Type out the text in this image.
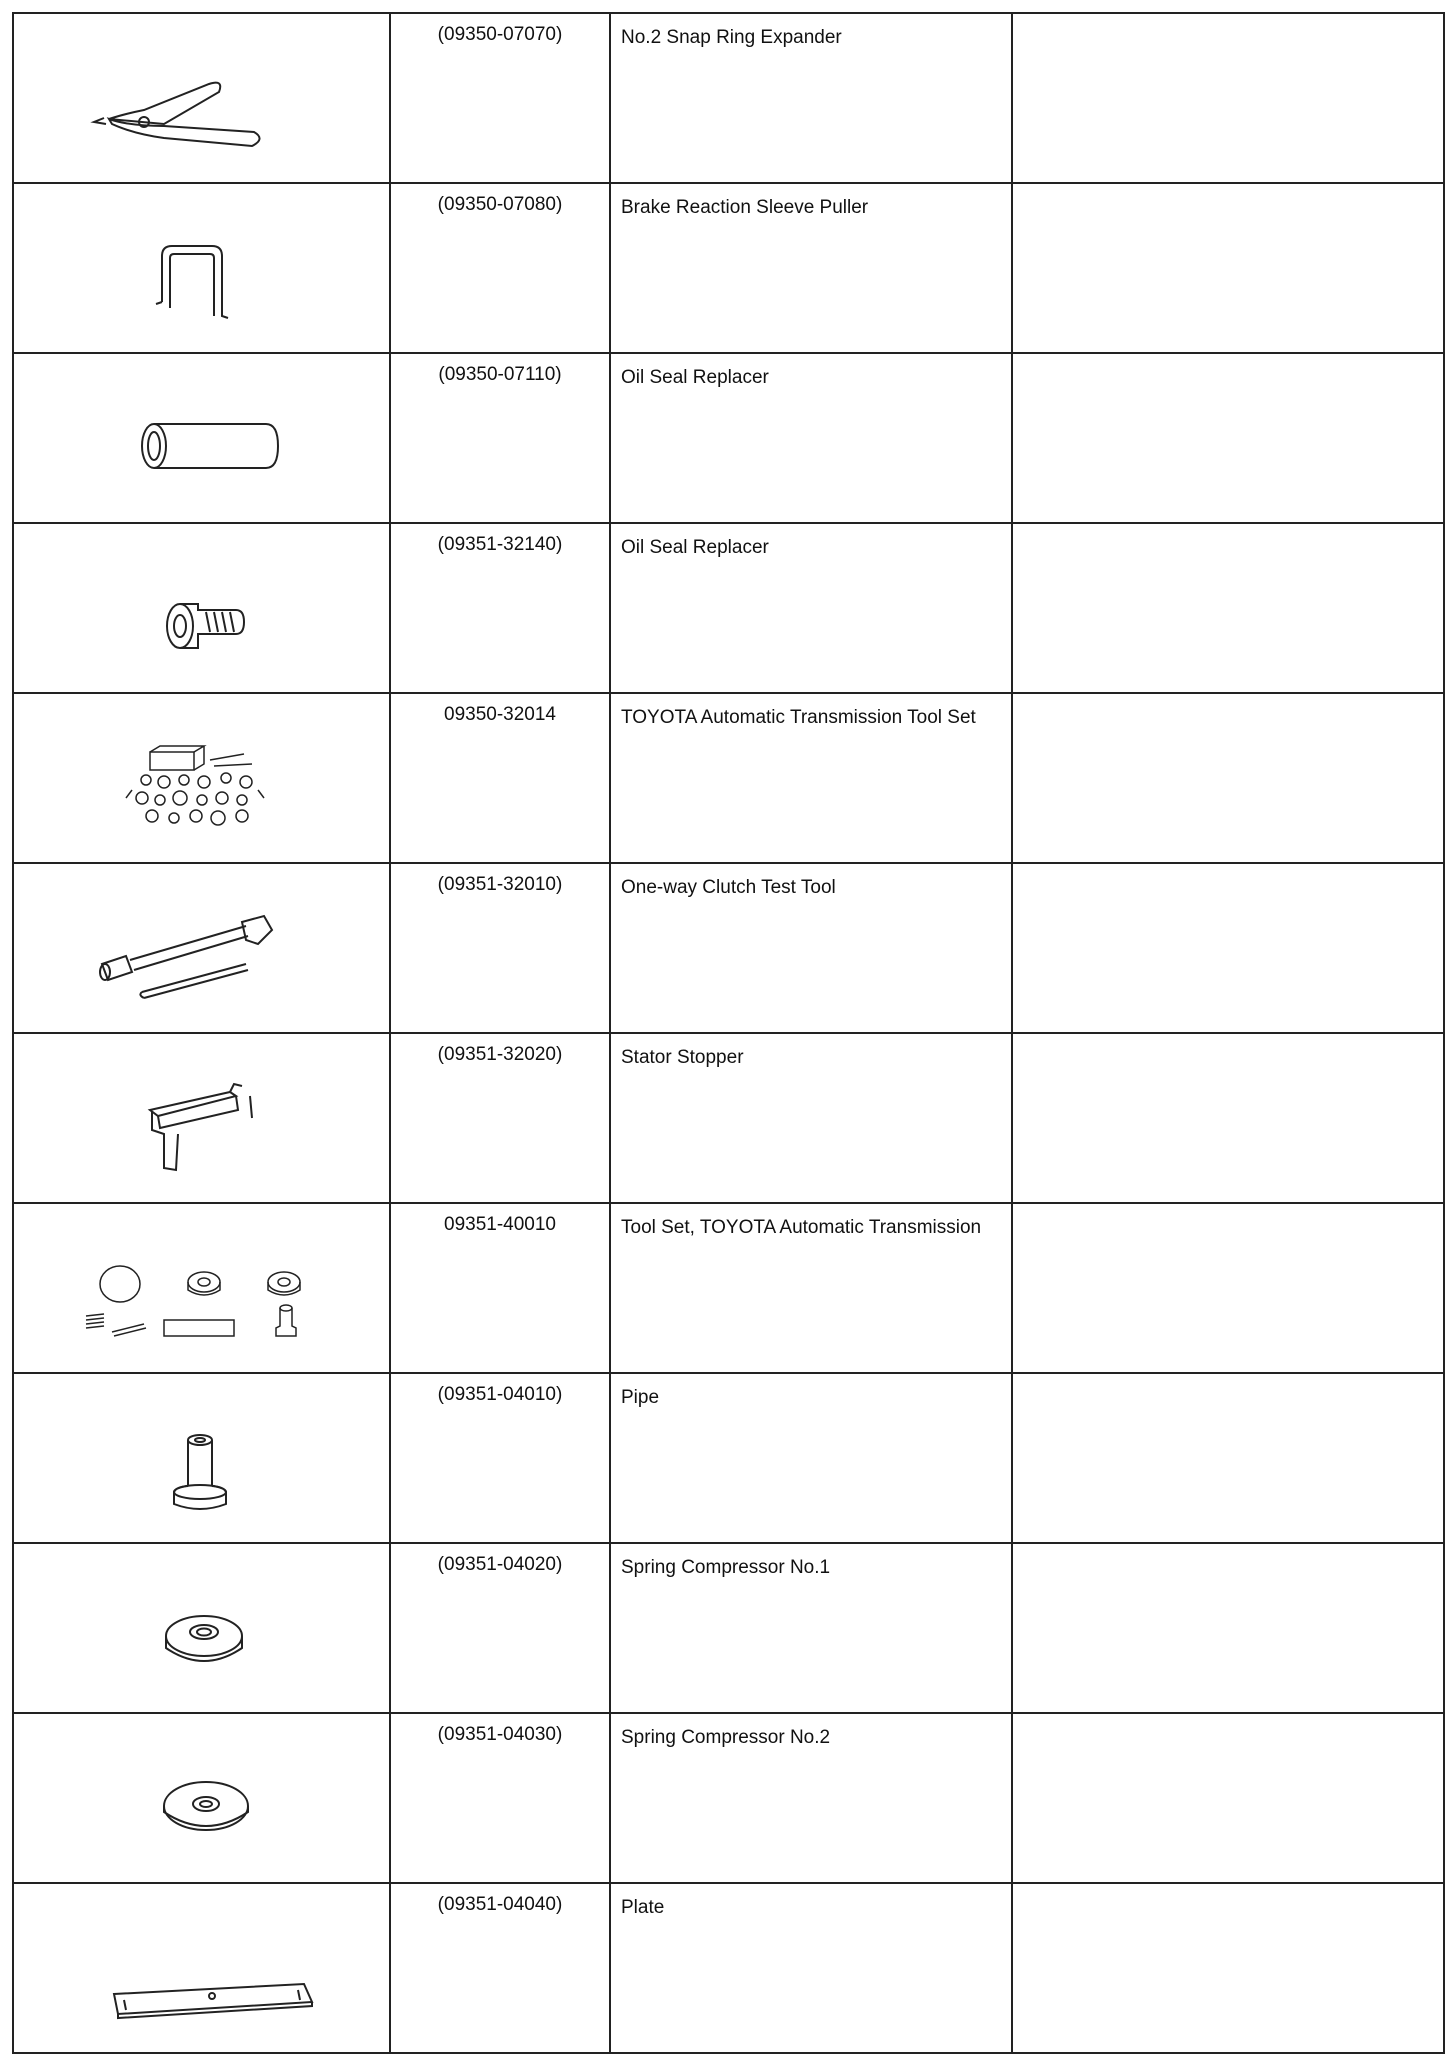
	(09350-07070)	No.2 Snap Ring Expander	

	(09350-07080)	Brake Reaction Sleeve Puller	

	(09350-07110)	Oil Seal Replacer	

	(09351-32140)	Oil Seal Replacer	

	09350-32014	TOYOTA Automatic Transmission Tool Set	

	(09351-32010)	One-way Clutch Test Tool	

	(09351-32020)	Stator Stopper	

	09351-40010	Tool Set, TOYOTA Automatic Transmission	

	(09351-04010)	Pipe	

	(09351-04020)	Spring Compressor No.1	

	(09351-04030)	Spring Compressor No.2	

	(09351-04040)	Plate	
